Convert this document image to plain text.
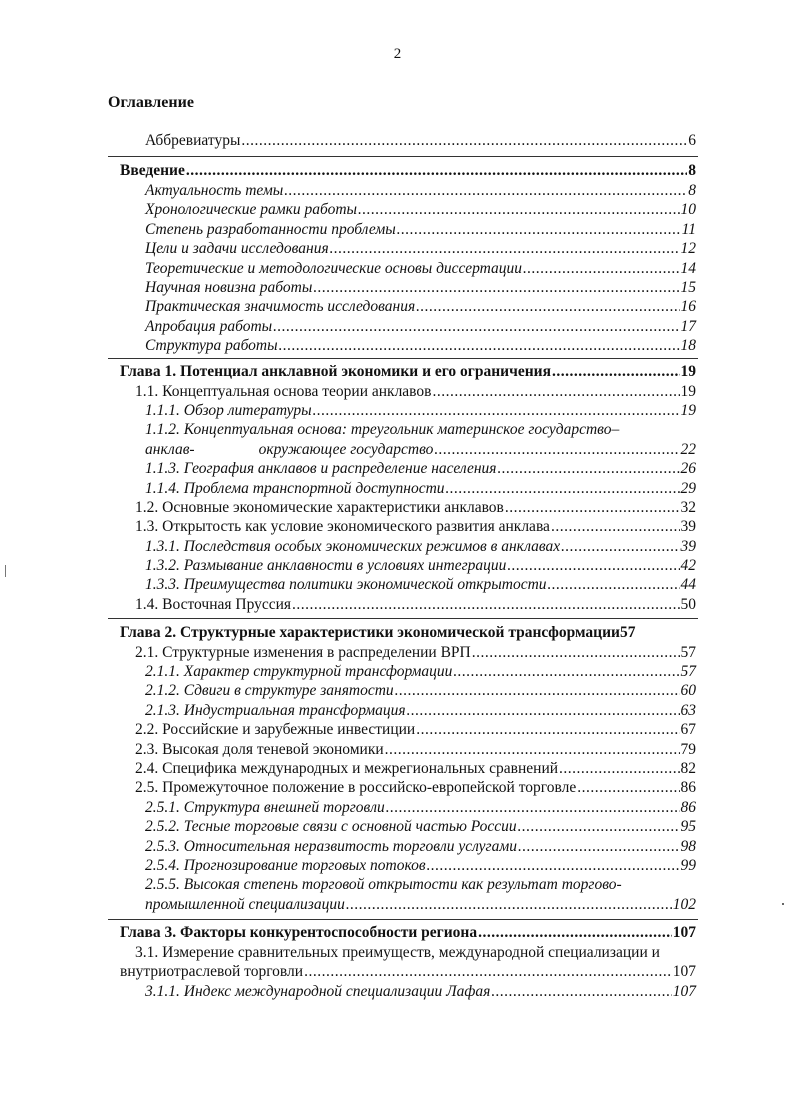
2
Оглавление
Аббревиатуры .....	6
Введение .....	8
Актуальность темы .....	8
Хронологические рамки работы .....	10
Степень разработанности проблемы .....	11
Цели и задачи исследования .....	12
Теоретические и методологические основы диссертации .....	14
Научная новизна работы .....	15
Практическая значимость исследования .....	16
Апробация работы .....	17
Структура работы .....	18
Глава 1. Потенциал анклавной экономики и его ограничения .....	19
1.1. Концептуальная основа теории анклавов .....	19
1.1.1. Обзор литературы .....	19
1.1.2. Концептуальная основа: треугольник материнское государство–
анклав-	окружающее государство .....	22
1.1.3. География анклавов и распределение населения .....	26
1.1.4. Проблема транспортной доступности .....	29
1.2. Основные экономические характеристики анклавов .....	32
1.3. Открытость как условие экономического развития анклава .....	39
1.3.1. Последствия особых экономических режимов в анклавах .....	39
1.3.2. Размывание анклавности в условиях интеграции .....	42
1.3.3. Преимущества политики экономической открытости .....	44
1.4. Восточная Пруссия .....	50
Глава 2. Структурные характеристики экономической трансформации 57
2.1. Структурные изменения в распределении ВРП .....	57
2.1.1. Характер структурной трансформации .....	57
2.1.2. Сдвиги в структуре занятости .....	60
2.1.3. Индустриальная трансформация .....	63
2.2. Российские и зарубежные инвестиции .....	67
2.3. Высокая доля теневой экономики .....	79
2.4. Специфика международных и межрегиональных сравнений .....	82
2.5. Промежуточное положение в российско-европейской торговле .....	86
2.5.1. Структура внешней торговли .....	86
2.5.2. Тесные торговые связи с основной частью России .....	95
2.5.3. Относительная неразвитость торговли услугами .....	98
2.5.4. Прогнозирование торговых потоков .....	99
2.5.5. Высокая степень торговой открытости как результат торгово-
промышленной специализации .....	102
Глава 3. Факторы конкурентоспособности региона .....	107
3.1. Измерение сравнительных преимуществ, международной специализации и
внутриотраслевой торговли .....	107
3.1.1. Индекс международной специализации Лафая .....	107
